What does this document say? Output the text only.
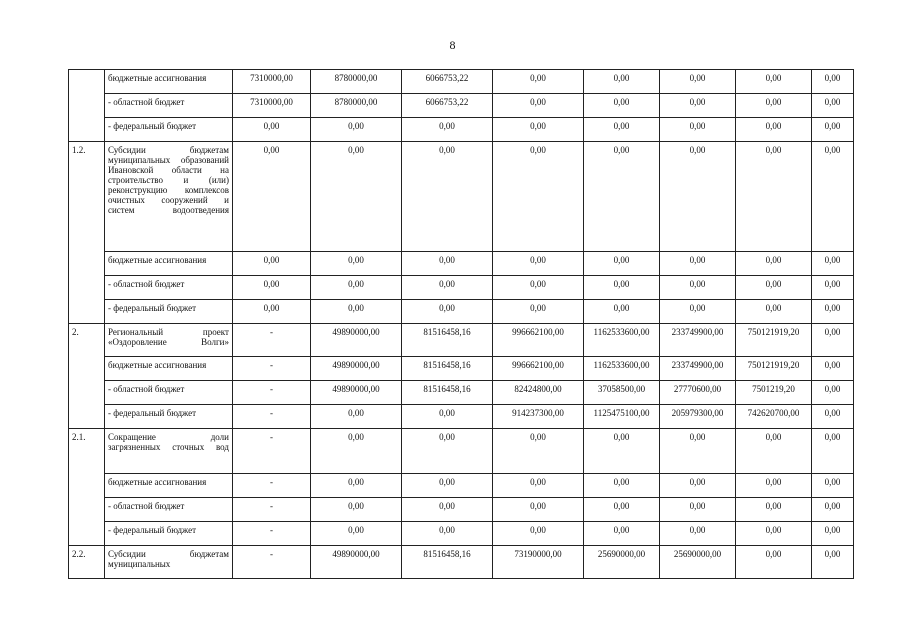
8
	бюджетные ассигнования	7310000,00	8780000,00	6066753,22	0,00	0,00	0,00	0,00	0,00
	- областной бюджет	7310000,00	8780000,00	6066753,22	0,00	0,00	0,00	0,00	0,00
	- федеральный бюджет	0,00	0,00	0,00	0,00	0,00	0,00	0,00	0,00
1.2.	Субсидии бюджетам муниципальных образований Ивановской области на строительство и (или) реконструкцию комплексов очистных сооружений и систем водоотведения	0,00	0,00	0,00	0,00	0,00	0,00	0,00	0,00
	бюджетные ассигнования	0,00	0,00	0,00	0,00	0,00	0,00	0,00	0,00
	- областной бюджет	0,00	0,00	0,00	0,00	0,00	0,00	0,00	0,00
	- федеральный бюджет	0,00	0,00	0,00	0,00	0,00	0,00	0,00	0,00
2.	Региональный проект «Оздоровление Волги»	-	49890000,00	81516458,16	996662100,00	1162533600,00	233749900,00	750121919,20	0,00
	бюджетные ассигнования	-	49890000,00	81516458,16	996662100,00	1162533600,00	233749900,00	750121919,20	0,00
	- областной бюджет	-	49890000,00	81516458,16	82424800,00	37058500,00	27770600,00	7501219,20	0,00
	- федеральный бюджет	-	0,00	0,00	914237300,00	1125475100,00	205979300,00	742620700,00	0,00
2.1.	Сокращение доли загрязненных сточных вод	-	0,00	0,00	0,00	0,00	0,00	0,00	0,00
	бюджетные ассигнования	-	0,00	0,00	0,00	0,00	0,00	0,00	0,00
	- областной бюджет	-	0,00	0,00	0,00	0,00	0,00	0,00	0,00
	- федеральный бюджет	-	0,00	0,00	0,00	0,00	0,00	0,00	0,00
2.2.	Субсидии бюджетам муниципальных	-	49890000,00	81516458,16	73190000,00	25690000,00	25690000,00	0,00	0,00
